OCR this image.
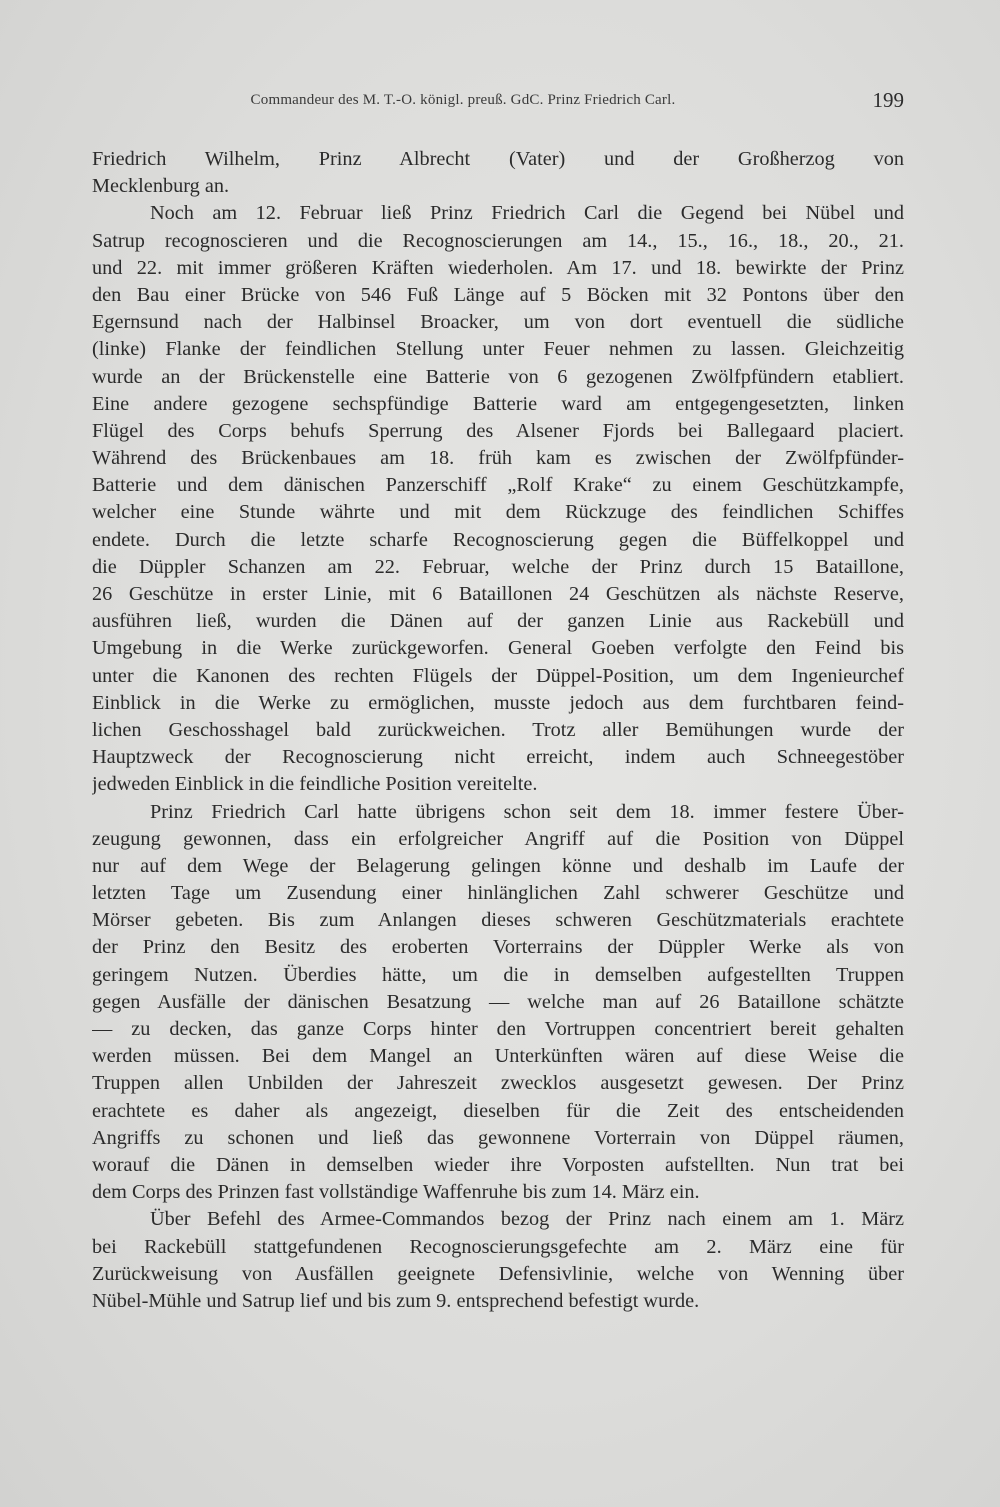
Commandeur des M. T.-O. königl. preuß. GdC. Prinz Friedrich Carl.	199
Friedrich Wilhelm, Prinz Albrecht (Vater) und der Großherzog von
Mecklenburg an.
Noch am 12. Februar ließ Prinz Friedrich Carl die Gegend bei Nübel und
Satrup recognoscieren und die Recognoscierungen am 14., 15., 16., 18., 20., 21.
und 22. mit immer größeren Kräften wiederholen. Am 17. und 18. bewirkte der Prinz
den Bau einer Brücke von 546 Fuß Länge auf 5 Böcken mit 32 Pontons über den
Egernsund nach der Halbinsel Broacker, um von dort eventuell die südliche
(linke) Flanke der feindlichen Stellung unter Feuer nehmen zu lassen. Gleichzeitig
wurde an der Brückenstelle eine Batterie von 6 gezogenen Zwölfpfündern etabliert.
Eine andere gezogene sechspfündige Batterie ward am entgegengesetzten, linken
Flügel des Corps behufs Sperrung des Alsener Fjords bei Ballegaard placiert.
Während des Brückenbaues am 18. früh kam es zwischen der Zwölfpfünder-
Batterie und dem dänischen Panzerschiff „Rolf Krake“ zu einem Geschützkampfe,
welcher eine Stunde währte und mit dem Rückzuge des feindlichen Schiffes
endete. Durch die letzte scharfe Recognoscierung gegen die Büffelkoppel und
die Düppler Schanzen am 22. Februar, welche der Prinz durch 15 Bataillone,
26 Geschütze in erster Linie, mit 6 Bataillonen 24 Geschützen als nächste Reserve,
ausführen ließ, wurden die Dänen auf der ganzen Linie aus Rackebüll und
Umgebung in die Werke zurückgeworfen. General Goeben verfolgte den Feind bis
unter die Kanonen des rechten Flügels der Düppel-Position, um dem Ingenieurchef
Einblick in die Werke zu ermöglichen, musste jedoch aus dem furchtbaren feind-
lichen Geschosshagel bald zurückweichen. Trotz aller Bemühungen wurde der
Hauptzweck der Recognoscierung nicht erreicht, indem auch Schneegestöber
jedweden Einblick in die feindliche Position vereitelte.
Prinz Friedrich Carl hatte übrigens schon seit dem 18. immer festere Über-
zeugung gewonnen, dass ein erfolgreicher Angriff auf die Position von Düppel
nur auf dem Wege der Belagerung gelingen könne und deshalb im Laufe der
letzten Tage um Zusendung einer hinlänglichen Zahl schwerer Geschütze und
Mörser gebeten. Bis zum Anlangen dieses schweren Geschützmaterials erachtete
der Prinz den Besitz des eroberten Vorterrains der Düppler Werke als von
geringem Nutzen. Überdies hätte, um die in demselben aufgestellten Truppen
gegen Ausfälle der dänischen Besatzung — welche man auf 26 Bataillone schätzte
— zu decken, das ganze Corps hinter den Vortruppen concentriert bereit gehalten
werden müssen. Bei dem Mangel an Unterkünften wären auf diese Weise die
Truppen allen Unbilden der Jahreszeit zwecklos ausgesetzt gewesen. Der Prinz
erachtete es daher als angezeigt, dieselben für die Zeit des entscheidenden
Angriffs zu schonen und ließ das gewonnene Vorterrain von Düppel räumen,
worauf die Dänen in demselben wieder ihre Vorposten aufstellten. Nun trat bei
dem Corps des Prinzen fast vollständige Waffenruhe bis zum 14. März ein.
Über Befehl des Armee-Commandos bezog der Prinz nach einem am 1. März
bei Rackebüll stattgefundenen Recognoscierungsgefechte am 2. März eine für
Zurückweisung von Ausfällen geeignete Defensivlinie, welche von Wenning über
Nübel-Mühle und Satrup lief und bis zum 9. entsprechend befestigt wurde.
